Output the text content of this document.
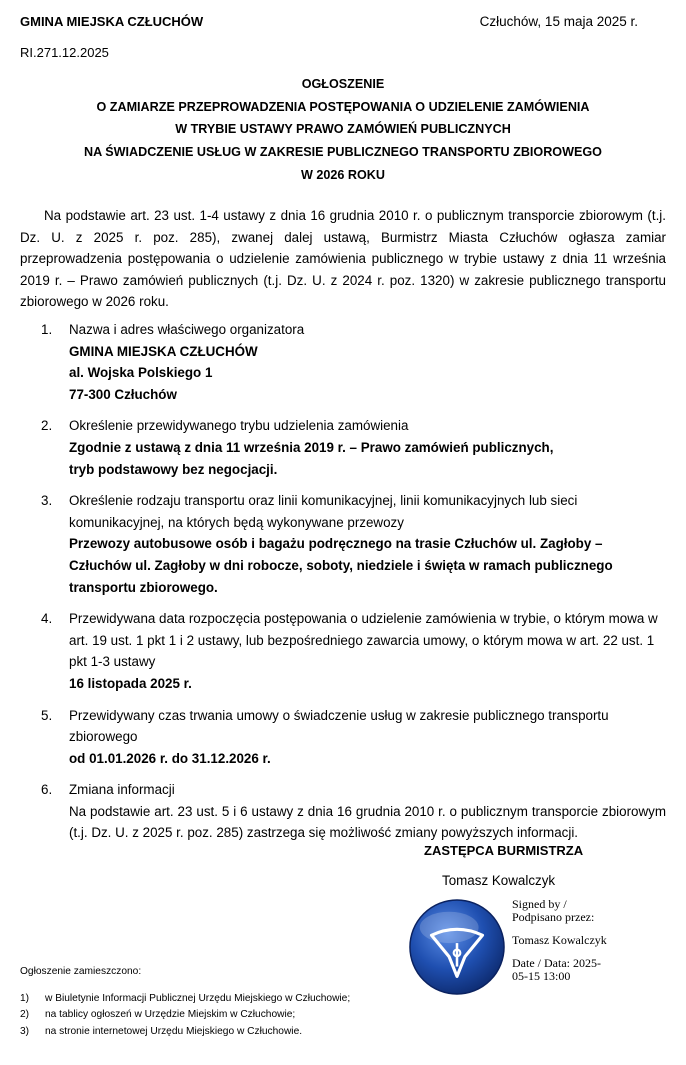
GMINA MIEJSKA CZŁUCHÓW	Człuchów, 15 maja 2025 r.
RI.271.12.2025
OGŁOSZENIE
O ZAMIARZE PRZEPROWADZENIA POSTĘPOWANIA O UDZIELENIE ZAMÓWIENIA
W TRYBIE USTAWY PRAWO ZAMÓWIEŃ PUBLICZNYCH
NA ŚWIADCZENIE USŁUG W ZAKRESIE PUBLICZNEGO TRANSPORTU ZBIOROWEGO
W 2026 ROKU
Na podstawie art. 23 ust. 1-4 ustawy z dnia 16 grudnia 2010 r. o publicznym transporcie zbiorowym (t.j. Dz. U. z 2025 r. poz. 285), zwanej dalej ustawą, Burmistrz Miasta Człuchów ogłasza zamiar przeprowadzenia postępowania o udzielenie zamówienia publicznego w trybie ustawy z dnia 11 września 2019 r. – Prawo zamówień publicznych (t.j. Dz. U. z 2024 r. poz. 1320) w zakresie publicznego transportu zbiorowego w 2026 roku.
1. Nazwa i adres właściwego organizatora
GMINA MIEJSKA CZŁUCHÓW
al. Wojska Polskiego 1
77-300 Człuchów
2. Określenie przewidywanego trybu udzielenia zamówienia
Zgodnie z ustawą z dnia 11 września 2019 r. – Prawo zamówień publicznych,
tryb podstawowy bez negocjacji.
3. Określenie rodzaju transportu oraz linii komunikacyjnej, linii komunikacyjnych lub sieci komunikacyjnej, na których będą wykonywane przewozy
Przewozy autobusowe osób i bagażu podręcznego na trasie Człuchów ul. Zagłoby – Człuchów ul. Zagłoby w dni robocze, soboty, niedziele i święta w ramach publicznego transportu zbiorowego.
4. Przewidywana data rozpoczęcia postępowania o udzielenie zamówienia w trybie, o którym mowa w art. 19 ust. 1 pkt 1 i 2 ustawy, lub bezpośredniego zawarcia umowy, o którym mowa w art. 22 ust. 1 pkt 1-3 ustawy
16 listopada 2025 r.
5. Przewidywany czas trwania umowy o świadczenie usług w zakresie publicznego transportu zbiorowego
od 01.01.2026 r. do 31.12.2026 r.
6. Zmiana informacji
Na podstawie art. 23 ust. 5 i 6 ustawy z dnia 16 grudnia 2010 r. o publicznym transporcie zbiorowym (t.j. Dz. U. z 2025 r. poz. 285) zastrzega się możliwość zmiany powyższych informacji.
ZASTĘPCA BURMISTRZA
Tomasz Kowalczyk
Signed by /
Podpisano przez:
Tomasz Kowalczyk
Date / Data: 2025-
05-15 13:00
Ogłoszenie zamieszczono:
1) w Biuletynie Informacji Publicznej Urzędu Miejskiego w Człuchowie;
2) na tablicy ogłoszeń w Urzędzie Miejskim w Człuchowie;
3) na stronie internetowej Urzędu Miejskiego w Człuchowie.
